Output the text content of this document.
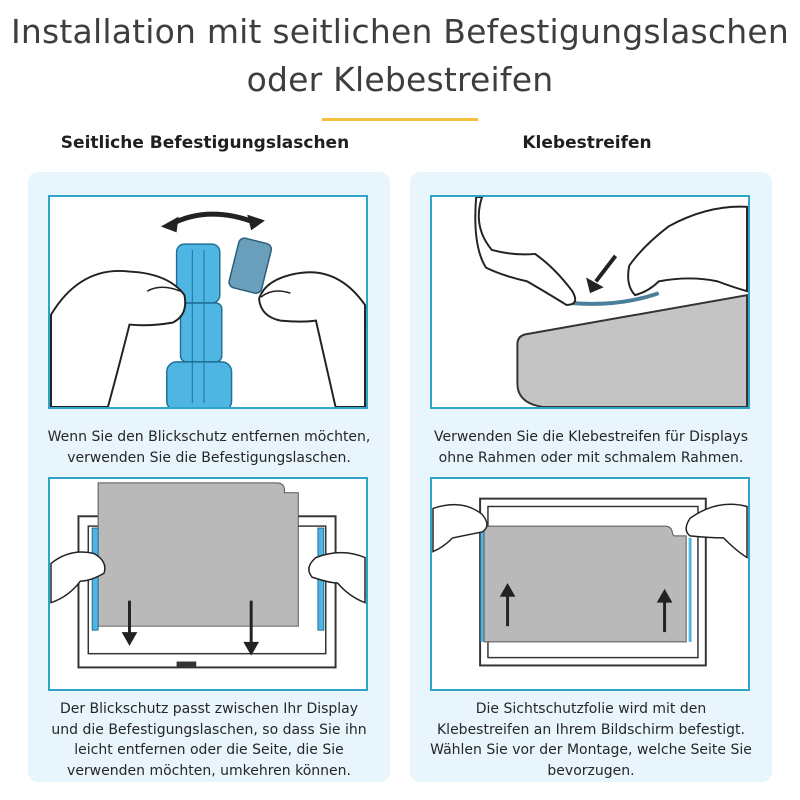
Installation mit seitlichen Befestigungslaschen
oder Klebestreifen
Seitliche Befestigungslaschen	Klebestreifen
Wenn Sie den Blickschutz entfernen möchten,
verwenden Sie die Befestigungslaschen.
Der Blickschutz passt zwischen Ihr Display
und die Befestigungslaschen, so dass Sie ihn
leicht entfernen oder die Seite, die Sie
verwenden möchten, umkehren können.
Verwenden Sie die Klebestreifen für Displays
ohne Rahmen oder mit schmalem Rahmen.
Die Sichtschutzfolie wird mit den
Klebestreifen an Ihrem Bildschirm befestigt.
Wählen Sie vor der Montage, welche Seite Sie
bevorzugen.
